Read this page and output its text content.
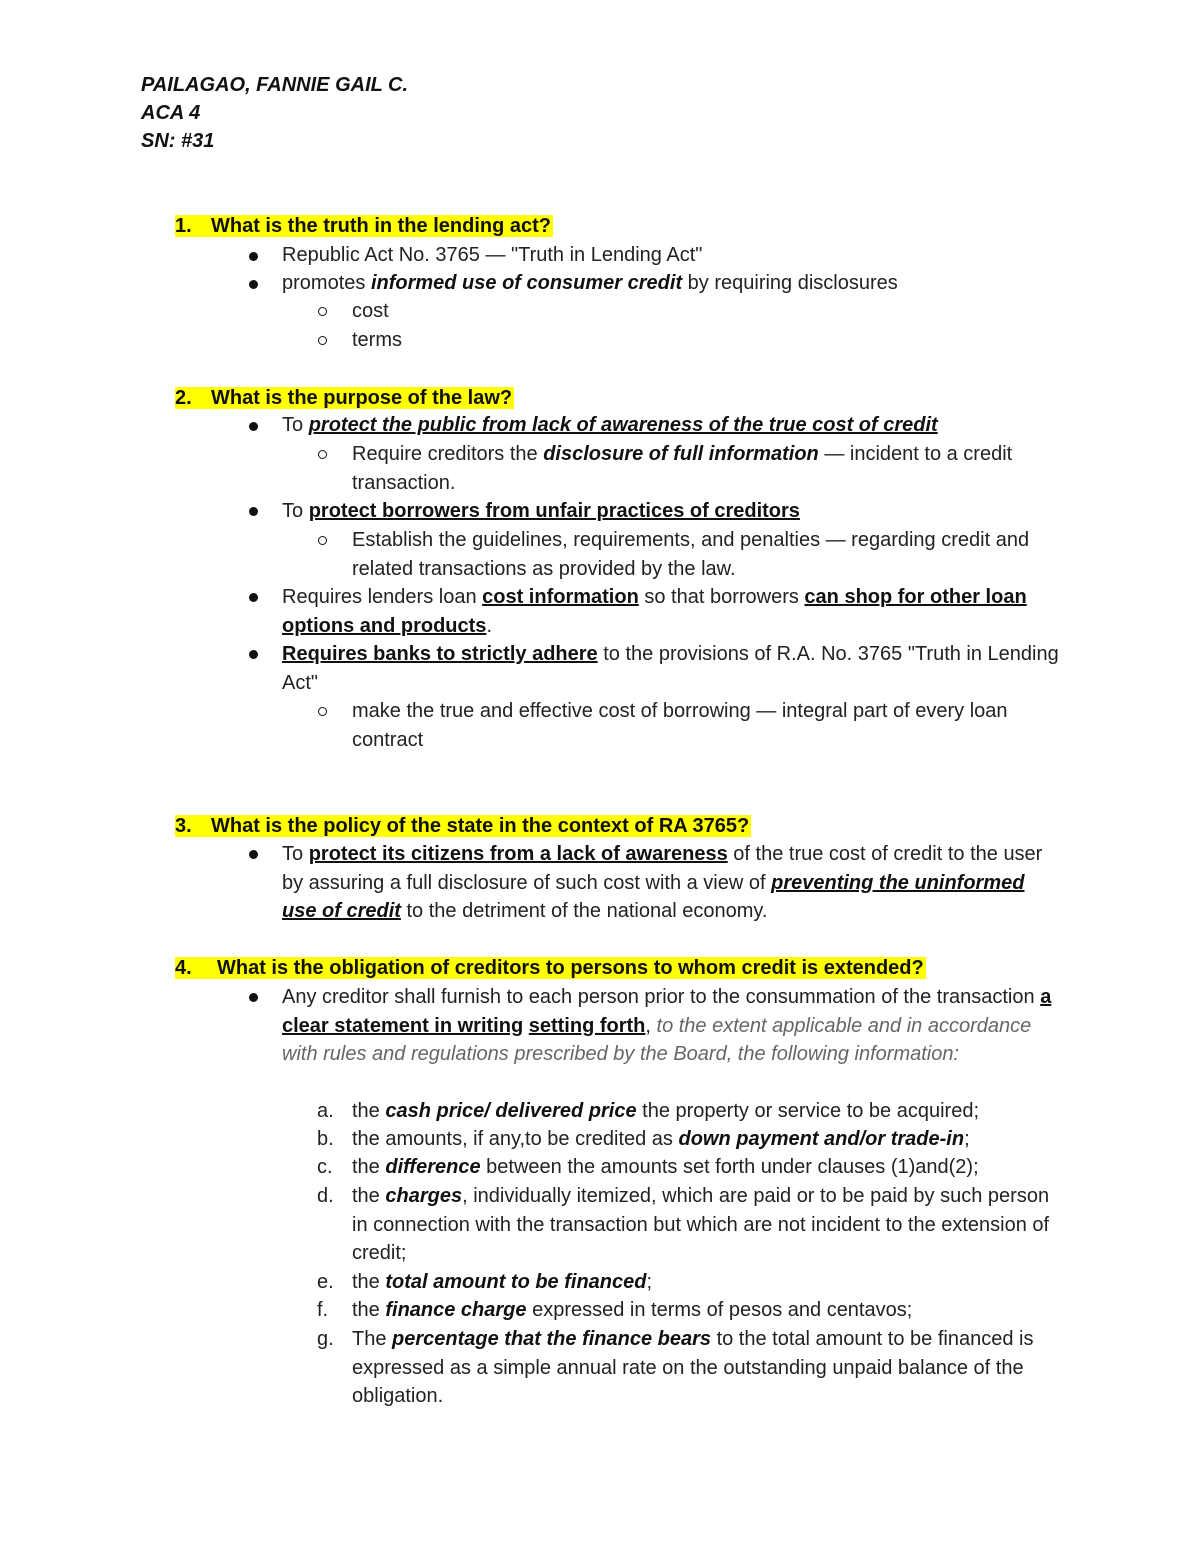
PAILAGAO, FANNIE GAIL C.
ACA 4
SN: #31
1. What is the truth in the lending act?
Republic Act No. 3765 — "Truth in Lending Act"
promotes informed use of consumer credit by requiring disclosures
cost
terms
2. What is the purpose of the law?
To protect the public from lack of awareness of the true cost of credit
Require creditors the disclosure of full information — incident to a credit transaction.
To protect borrowers from unfair practices of creditors
Establish the guidelines, requirements, and penalties — regarding credit and related transactions as provided by the law.
Requires lenders loan cost information so that borrowers can shop for other loan options and products.
Requires banks to strictly adhere to the provisions of R.A. No. 3765 "Truth in Lending Act"
make the true and effective cost of borrowing — integral part of every loan contract
3. What is the policy of the state in the context of RA 3765?
To protect its citizens from a lack of awareness of the true cost of credit to the user by assuring a full disclosure of such cost with a view of preventing the uninformed use of credit to the detriment of the national economy.
4. What is the obligation of creditors to persons to whom credit is extended?
Any creditor shall furnish to each person prior to the consummation of the transaction a clear statement in writing setting forth, to the extent applicable and in accordance with rules and regulations prescribed by the Board, the following information:
a. the cash price/ delivered price the property or service to be acquired;
b. the amounts, if any,to be credited as down payment and/or trade-in;
c. the difference between the amounts set forth under clauses (1)and(2);
d. the charges, individually itemized, which are paid or to be paid by such person in connection with the transaction but which are not incident to the extension of credit;
e. the total amount to be financed;
f. the finance charge expressed in terms of pesos and centavos;
g. The percentage that the finance bears to the total amount to be financed is expressed as a simple annual rate on the outstanding unpaid balance of the obligation.
